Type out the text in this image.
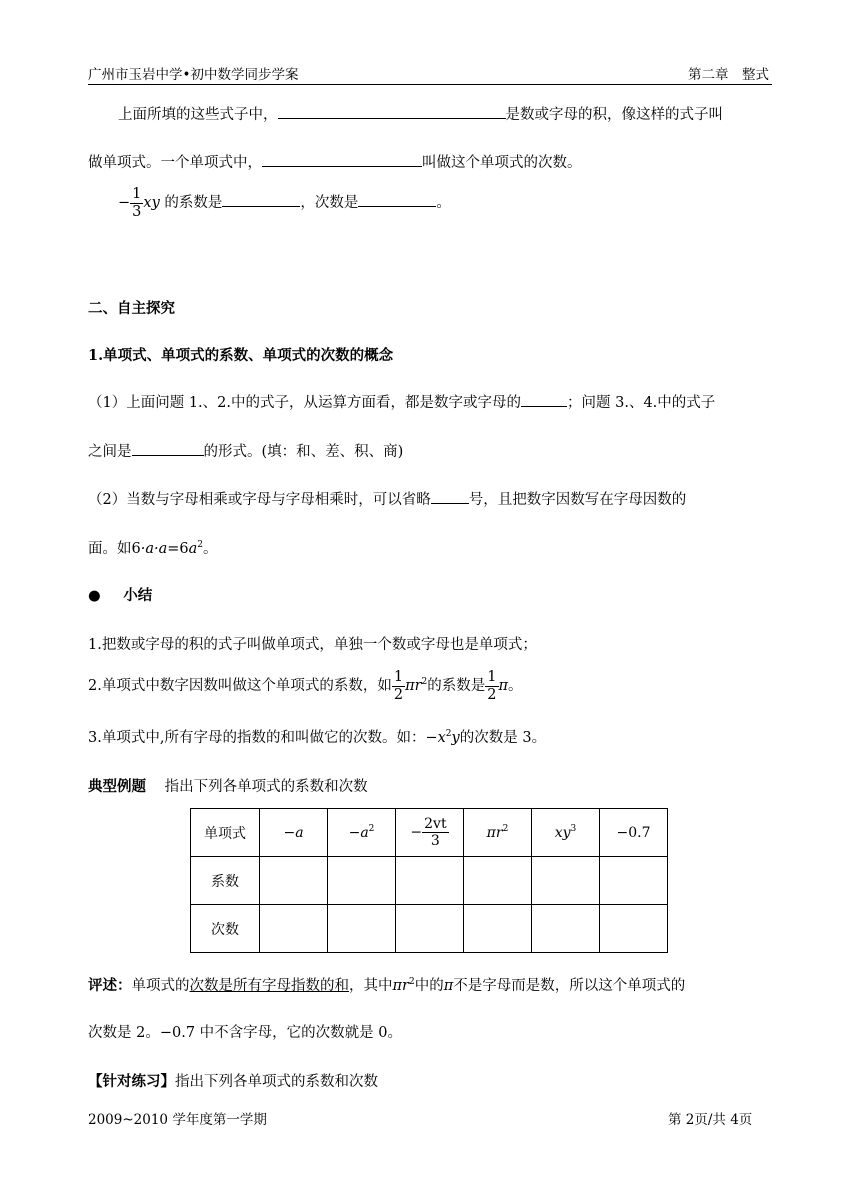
广州市玉岩中学•初中数学同步学案	第二章　整式
上面所填的这些式子中，	是数或字母的积，像这样的式子叫
做单项式。一个单项式中，	叫做这个单项式的次数。
− $\frac{1}{3}$ xy 的系数是	，次数是	。
二、自主探究
1.单项式、单项式的系数、单项式的次数的概念
（1）上面问题 1.、2.中的式子，从运算方面看，都是数字或字母的	；问题 3.、4.中的式子
之间是	的形式。(填：和、差、积、商)
（2）当数与字母相乘或字母与字母相乘时，可以省略	号，且把数字因数写在字母因数的
面。如$6\cdot a\cdot a=6a^2$。
● 小结
1.把数或字母的积的式子叫做单项式，单独一个数或字母也是单项式；
2.单项式中数字因数叫做这个单项式的系数，如 $\frac{1}{2} \pi r^2$的系数是 $\frac{1}{2}$ π。
3.单项式中,所有字母的指数的和叫做它的次数。如：$-x^2y$的次数是 3。
典型例题 指出下列各单项式的系数和次数
单项式	−a	$-a^2$	− $\frac{2vt}{3}$	$\pi r^2$	$xy^3$	−0.7
系数						
次数						
评述：单项式的次数是所有字母指数的和，其中$\pi r^2$中的π不是字母而是数，所以这个单项式的
次数是 2。−0.7 中不含字母，它的次数就是 0。
【针对练习】指出下列各单项式的系数和次数
2009~2010 学年度第一学期	第 2页/共 4页
